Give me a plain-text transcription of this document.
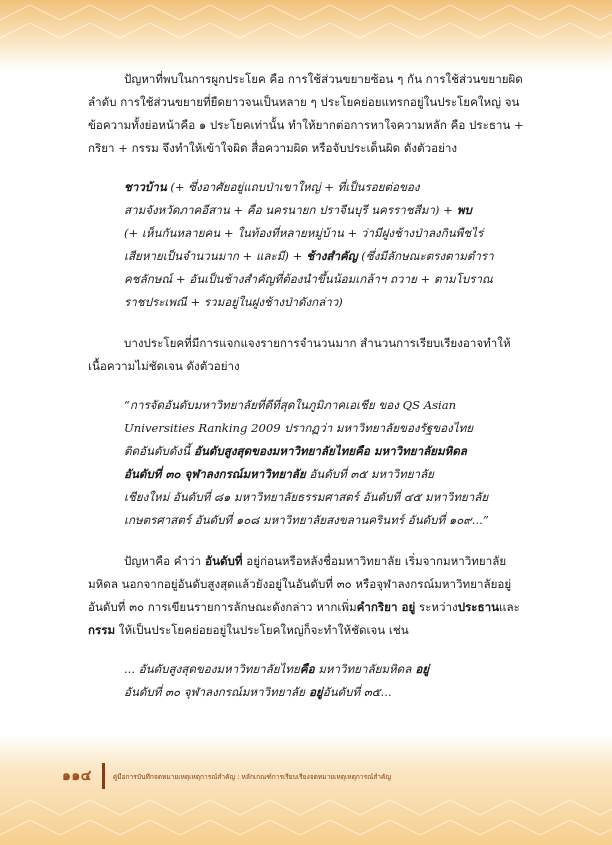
ปัญหาที่พบในการผูกประโยค คือ การใช้ส่วนขยายซ้อน ๆ กัน การใช้ส่วนขยายผิด

ลำดับ การใช้ส่วนขยายที่ยืดยาวจนเป็นหลาย ๆ ประโยคย่อยแทรกอยู่ในประโยคใหญ่ จน

ข้อความทั้งย่อหน้าคือ ๑ ประโยคเท่านั้น ทำให้ยากต่อการหาใจความหลัก คือ ประธาน +

กริยา + กรรม จึงทำให้เข้าใจผิด สื่อความผิด หรือจับประเด็นผิด ดังตัวอย่าง

ชาวบ้าน (+ ซึ่งอาศัยอยู่แถบป่าเขาใหญ่ + ที่เป็นรอยต่อของ

สามจังหวัดภาคอีสาน + คือ นครนายก ปราจีนบุรี นครราชสีมา) + พบ

(+ เห็นกันหลายคน + ในท้องที่หลายหมู่บ้าน + ว่ามีฝูงช้างป่าลงกินพืชไร่

เสียหายเป็นจำนวนมาก + และมี) + ช้างสำคัญ (ซึ่งมีลักษณะตรงตามตำรา

คชลักษณ์ + อันเป็นช้างสำคัญที่ต้องนำขึ้นน้อมเกล้าฯ ถวาย + ตามโบราณ

ราชประเพณี + รวมอยู่ในฝูงช้างป่าดังกล่าว)

บางประโยคที่มีการแจกแจงรายการจำนวนมาก สำนวนการเรียบเรียงอาจทำให้

เนื้อความไม่ชัดเจน ดังตัวอย่าง

“การจัดอันดับมหาวิทยาลัยที่ดีที่สุดในภูมิภาคเอเชีย ของ QS Asian

Universities Ranking 2009 ปรากฏว่า มหาวิทยาลัยของรัฐของไทย

ติดอันดับดังนี้ อันดับสูงสุดของมหาวิทยาลัยไทยคือ มหาวิทยาลัยมหิดล

อันดับที่ ๓๐ จุฬาลงกรณ์มหาวิทยาลัย อันดับที่ ๓๕ มหาวิทยาลัย

เชียงใหม่ อันดับที่ ๘๑ มหาวิทยาลัยธรรมศาสตร์ อันดับที่ ๔๕ มหาวิทยาลัย

เกษตรศาสตร์ อันดับที่ ๑๐๘ มหาวิทยาลัยสงขลานครินทร์ อันดับที่ ๑๐๙...”

ปัญหาคือ คำว่า อันดับที่ อยู่ก่อนหรือหลังชื่อมหาวิทยาลัย เริ่มจากมหาวิทยาลัย

มหิดล นอกจากอยู่อันดับสูงสุดแล้วยังอยู่ในอันดับที่ ๓๐ หรือจุฬาลงกรณ์มหาวิทยาลัยอยู่

อันดับที่ ๓๐ การเขียนรายการลักษณะดังกล่าว หากเพิ่มคำกริยา อยู่ ระหว่างประธานและ

กรรม ให้เป็นประโยคย่อยอยู่ในประโยคใหญ่ก็จะทำให้ชัดเจน เช่น

... อันดับสูงสุดของมหาวิทยาลัยไทยคือ มหาวิทยาลัยมหิดล อยู่

อันดับที่ ๓๐ จุฬาลงกรณ์มหาวิทยาลัย อยู่อันดับที่ ๓๕...

๑๑๔	คู่มือการบันทึกจดหมายเหตุเหตุการณ์สำคัญ : หลักเกณฑ์การเรียบเรียงจดหมายเหตุเหตุการณ์สำคัญ
